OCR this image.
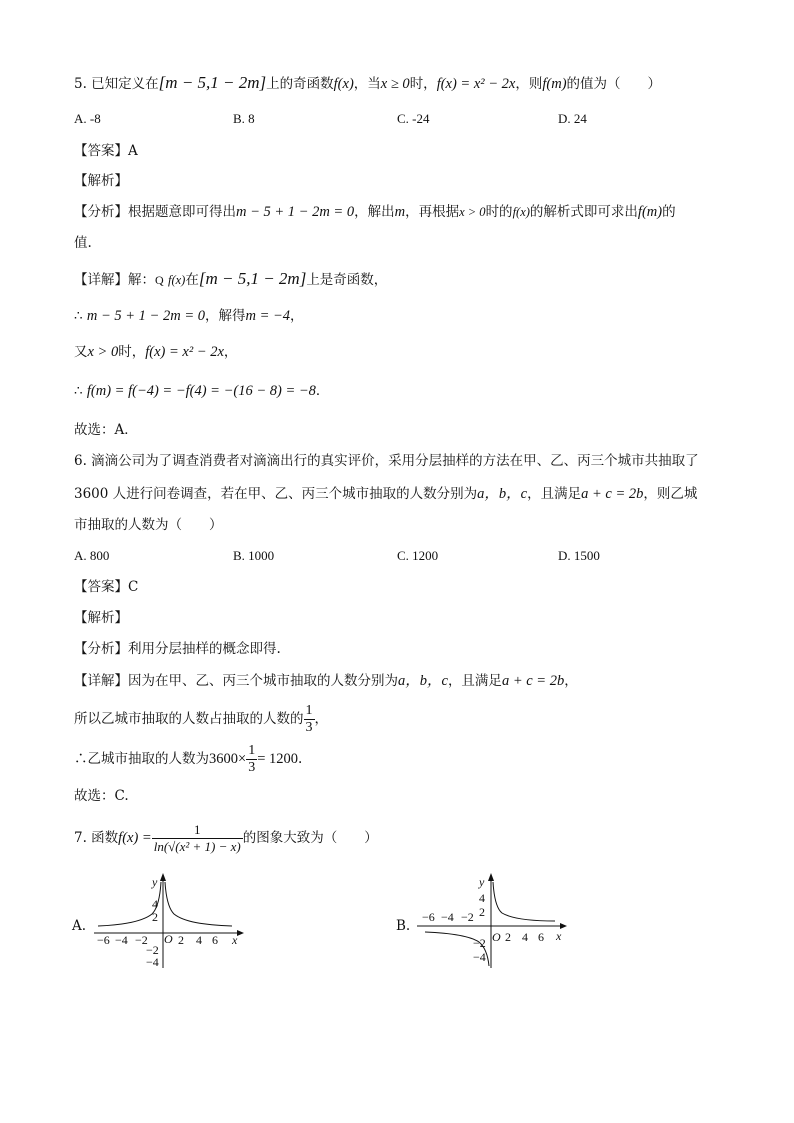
5. 已知定义在[m − 5,1 − 2m]上的奇函数f(x)，当x ≥ 0时，f(x) = x² − 2x，则f(m)的值为（　　）
A. -8	B. 8	C. -24	D. 24
【答案】A
【解析】
【分析】根据题意即可得出m − 5 + 1 − 2m = 0，解出m，再根据x > 0时的f(x)的解析式即可求出f(m)的
值.
【详解】解：Q f(x)在[m − 5,1 − 2m]上是奇函数，
∴ m − 5 + 1 − 2m = 0，解得m = −4，
又x > 0时，f(x) = x² − 2x，
∴ f(m) = f(−4) = −f(4) = −(16 − 8) = −8．
故选：A．
6. 滴滴公司为了调查消费者对滴滴出行的真实评价，采用分层抽样的方法在甲、乙、丙三个城市共抽取了
3600 人进行问卷调查，若在甲、乙、丙三个城市抽取的人数分别为a，b，c，且满足a + c = 2b，则乙城
市抽取的人数为（　　）
A. 800	B. 1000	C. 1200	D. 1500
【答案】C
【解析】
【分析】利用分层抽样的概念即得.
【详解】因为在甲、乙、丙三个城市抽取的人数分别为a，b，c，且满足a + c = 2b，
所以乙城市抽取的人数占抽取的人数的 $\frac{1}{3}$ ，
∴乙城市抽取的人数为$3600\times \frac{1}{3} = 1200$.
故选：C.
7. 函数$f(x) = \frac{1}{\text{ln(√(x² + 1) − x)}}$ 的图象大致为（　　）
A.
y
x
O
−6 −4 −2	2 4 6
4
2
−2
−4
B.
y
x
O
−6 −4 −2
2 4 6
4
2
−2
−4
